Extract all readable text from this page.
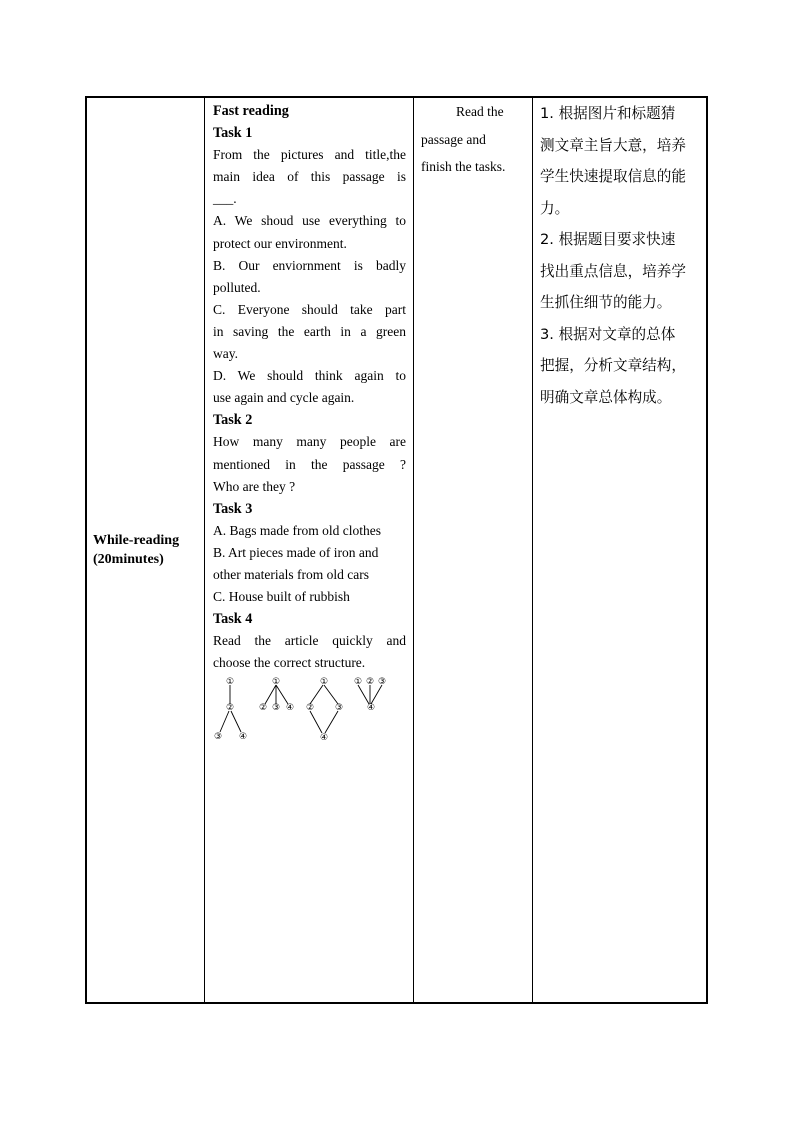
While-reading
(20minutes)

Fast reading

Task 1

From the pictures and title,the

main idea of this passage is

___.

A. We shoud use everything to

protect our environment.

B. Our enviornment is badly

polluted.

C. Everyone should take part

in saving the earth in a green

way.

D. We should think again to

use again and cycle again.

Task 2

How many many people are

mentioned in the passage ?

Who are they ?

Task 3

A. Bags made from old clothes

B. Art pieces made of iron and

other materials from old cars

C. House built of rubbish

Task 4

Read the article quickly and

choose the correct structure.

①
②
③ ④
①
② ③ ④
①
② ③
④
① ② ③
④
Read the
passage and
finish the tasks.

1. 根据图片和标题猜

测文章主旨大意，培养

学生快速提取信息的能

力。

2. 根据题目要求快速

找出重点信息，培养学

生抓住细节的能力。

3. 根据对文章的总体

把握，分析文章结构，

明确文章总体构成。
